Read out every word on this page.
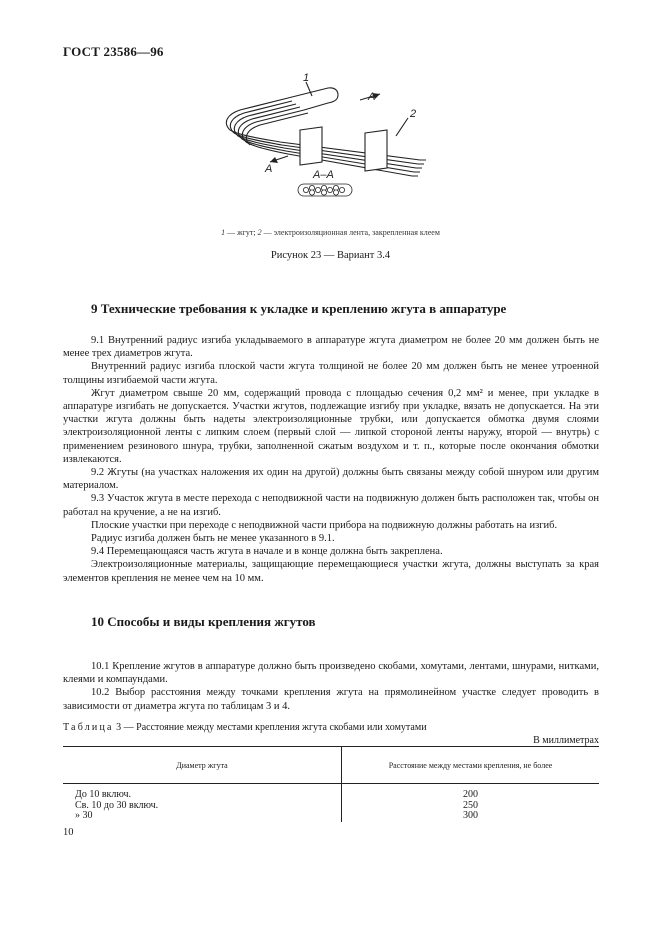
ГОСТ 23586—96
1
2
A
A	A–A
1 — жгут; 2 — электроизоляционная лента, закрепленная клеем
Рисунок 23 — Вариант 3.4
9 Технические требования к укладке и креплению жгута в аппаратуре

9.1 Внутренний радиус изгиба укладываемого в аппаратуре жгута диаметром не более 20 мм должен быть не менее трех диаметров жгута.

Внутренний радиус изгиба плоской части жгута толщиной не более 20 мм должен быть не менее утроенной толщины изгибаемой части жгута.

Жгут диаметром свыше 20 мм, содержащий провода с площадью сечения 0,2 мм² и менее, при укладке в аппаратуре изгибать не допускается. Участки жгутов, подлежащие изгибу при укладке, вязать не допускается. На эти участки жгута должны быть надеты электроизоляционные трубки, или допускается обмотка двумя слоями электроизоляционной ленты с липким слоем (первый слой — липкой стороной ленты наружу, второй — внутрь) с применением резинового шнура, трубки, заполненной сжатым воздухом и т. п., которые после окончания обмотки извлекаются.

9.2 Жгуты (на участках наложения их один на другой) должны быть связаны между собой шнуром или другим материалом.

9.3 Участок жгута в месте перехода с неподвижной части на подвижную должен быть расположен так, чтобы он работал на кручение, а не на изгиб.

Плоские участки при переходе с неподвижной части прибора на подвижную должны работать на изгиб.

Радиус изгиба должен быть не менее указанного в 9.1.

9.4 Перемещающаяся часть жгута в начале и в конце должна быть закреплена.

Электроизоляционные материалы, защищающие перемещающиеся участки жгута, должны выступать за края элементов крепления не менее чем на 10 мм.

10 Способы и виды крепления жгутов

10.1 Крепление жгутов в аппаратуре должно быть произведено скобами, хомутами, лентами, шнурами, нитками, клеями и компаундами.

10.2 Выбор расстояния между точками крепления жгута на прямолинейном участке следует проводить в зависимости от диаметра жгута по таблицам 3 и 4.

Таблица 3 — Расстояние между местами крепления жгута скобами или хомутами
В миллиметрах
Диаметр жгута	Расстояние между местами крепления, не более
До 10 включ.	200
Св. 10 до 30 включ.	250
» 30	300
10
